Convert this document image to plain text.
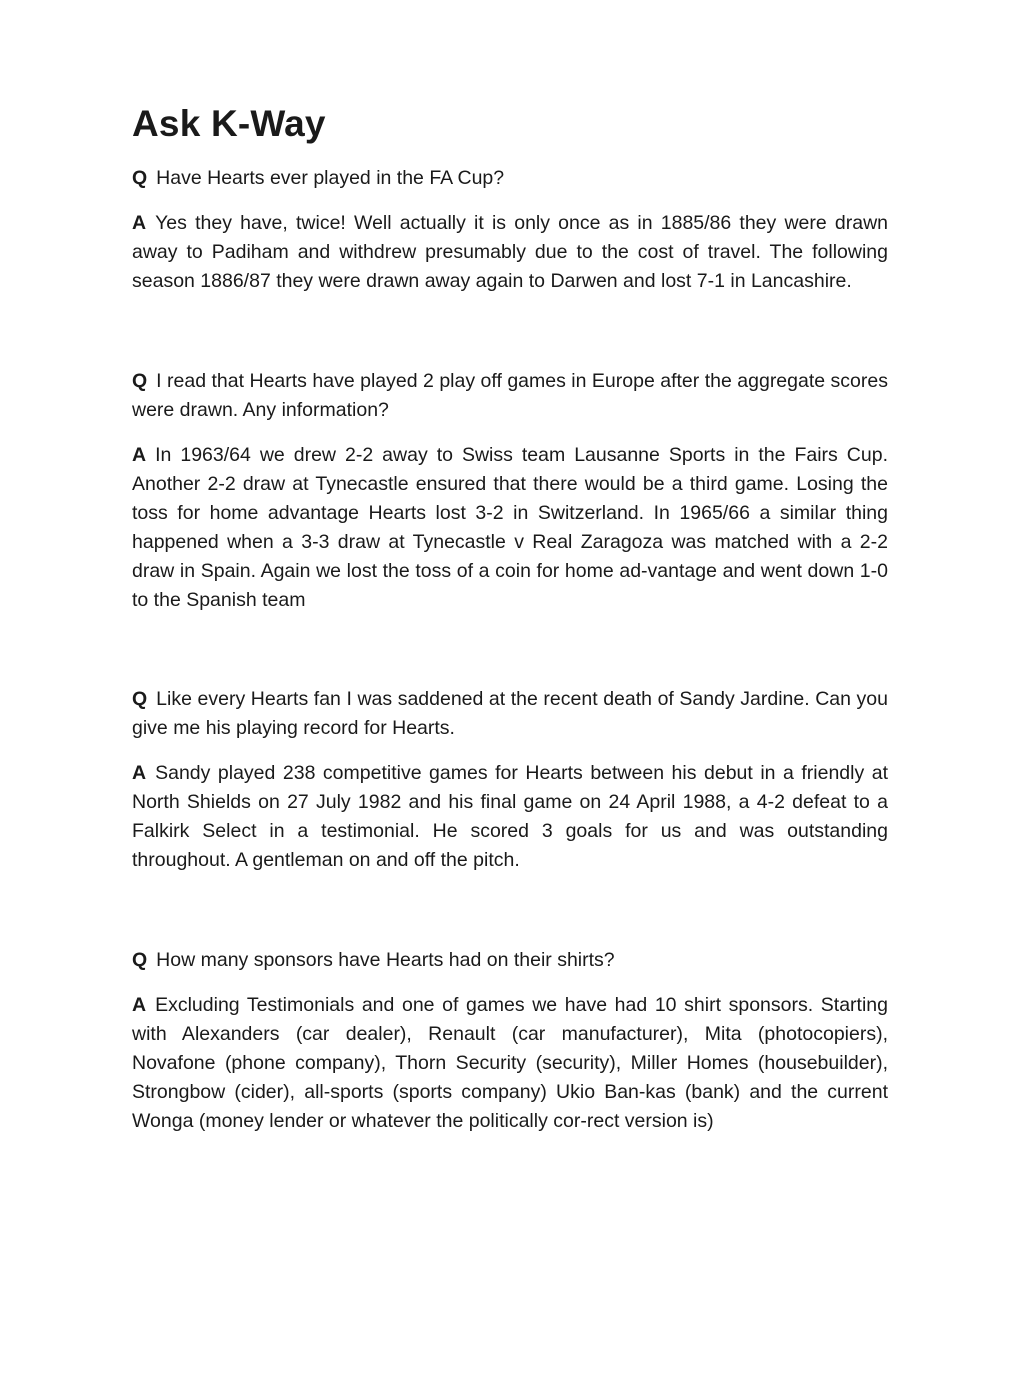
Ask K-Way

Q Have Hearts ever played in the FA Cup?

A Yes they have, twice! Well actually it is only once as in 1885/86 they were drawn away to Padiham and withdrew presumably due to the cost of travel. The following season 1886/87 they were drawn away again to Darwen and lost 7-1 in Lancashire.

Q I read that Hearts have played 2 play off games in Europe after the aggregate scores were drawn. Any information?

A In 1963/64 we drew 2-2 away to Swiss team Lausanne Sports in the Fairs Cup. Another 2-2 draw at Tynecastle ensured that there would be a third game. Losing the toss for home advantage Hearts lost 3-2 in Switzerland. In 1965/66 a similar thing happened when a 3-3 draw at Tynecastle v Real Zaragoza was matched with a 2-2 draw in Spain. Again we lost the toss of a coin for home ad-vantage and went down 1-0 to the Spanish team

Q Like every Hearts fan I was saddened at the recent death of Sandy Jardine. Can you give me his playing record for Hearts.

A Sandy played 238 competitive games for Hearts between his debut in a friendly at North Shields on 27 July 1982 and his final game on 24 April 1988, a 4-2 defeat to a Falkirk Select in a testimonial. He scored 3 goals for us and was outstanding throughout. A gentleman on and off the pitch.

Q How many sponsors have Hearts had on their shirts?

A Excluding Testimonials and one of games we have had 10 shirt sponsors. Starting with Alexanders (car dealer), Renault (car manufacturer), Mita (photocopiers), Novafone (phone company), Thorn Security (security), Miller Homes (housebuilder), Strongbow (cider), all-sports (sports company) Ukio Ban-kas (bank) and the current Wonga (money lender or whatever the politically cor-rect version is)
